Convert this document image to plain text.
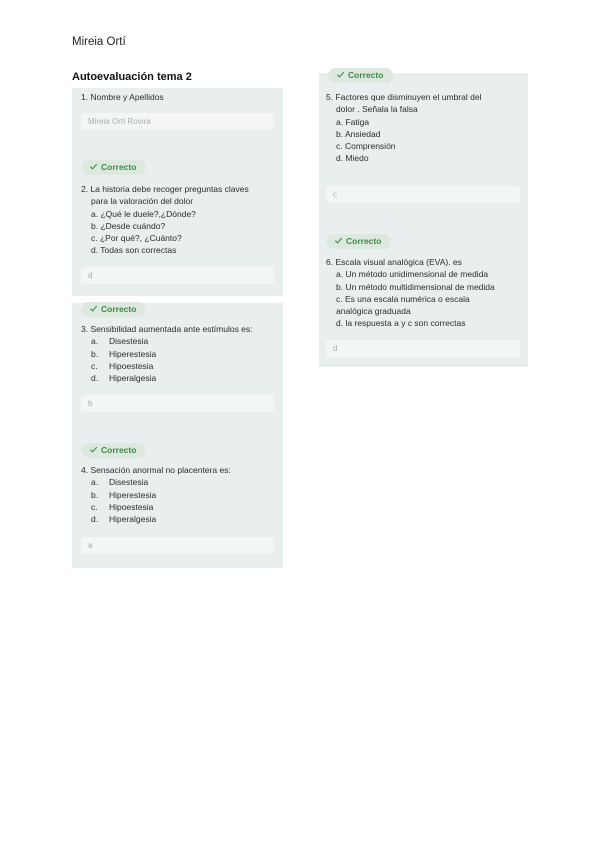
Mireia Ortí
Autoevaluación tema 2
1. Nombre y Apellidos
Mireia Ortí Rovira
Correcto
2. La historia debe recoger preguntas claves
para la valoración del dolor
a. ¿Qué le duele?,¿Dónde?
b. ¿Desde cuándo?
c. ¿Por qué?, ¿Cuánto?
d. Todas son correctas
d
Correcto
3. Sensibilidad aumentada ante estímulos es:
a. Disestesia
b. Hiperestesia
c. Hipoestesia
d. Hiperalgesia
b
Correcto
4. Sensación anormal no placentera es:
a. Disestesia
b. Hiperestesia
c. Hipoestesia
d. Hiperalgesia
a
Correcto
5. Factores que disminuyen el umbral del
dolor . Señala la falsa
a. Fatiga
b. Ansiedad
c. Comprensión
d. Miedo
c
Correcto
6. Escala visual analógica (EVA). es
a. Un método unidimensional de medida
b. Un método multidimensional de medida
c. Es una escala numérica o escala
analógica graduada
d. la respuesta a y c son correctas
d
